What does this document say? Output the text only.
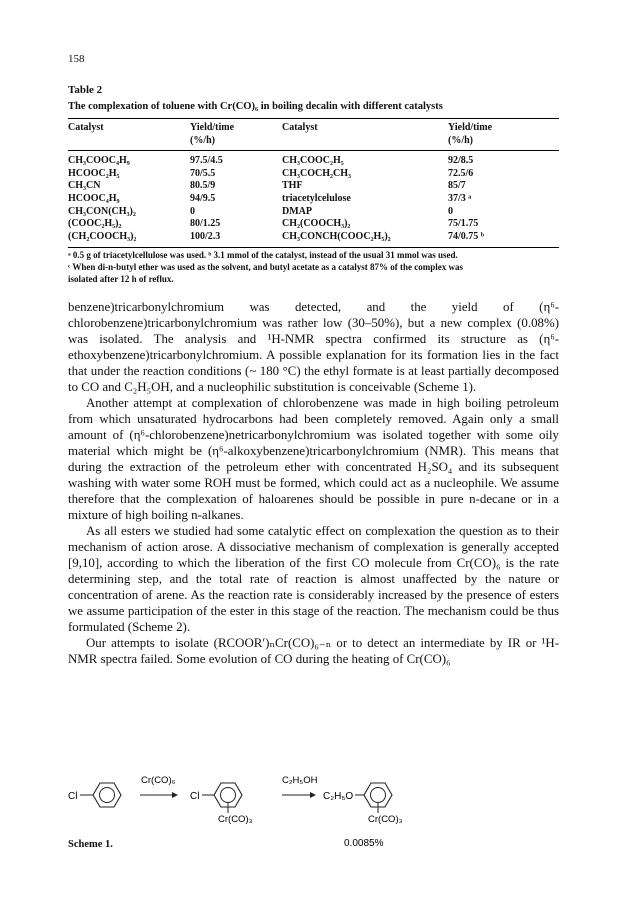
158
Table 2
The complexation of toluene with Cr(CO)₆ in boiling decalin with different catalysts
Catalyst	Yield/time	Catalyst	Yield/time
	(%/h)		(%/h)
CH₃COOC₄H₉	97.5/4.5	CH₃COOC₂H₅	92/8.5
HCOOC₂H₅	70/5.5	CH₃COCH₂CH₃	72.5/6
CH₃CN	80.5/9	THF	85/7
HCOOC₄H₉	94/9.5	triacetylcelulose	37/3 ᵃ
CH₃CON(CH₃)₂	0	DMAP	0
(COOC₂H₅)₂	80/1.25	CH₂(COOCH₃)₂	75/1.75
(CH₂COOCH₃)₂	100/2.3	CH₃CONCH(COOC₂H₅)₂	74/0.75 ᵇ
ᵃ 0.5 g of triacetylcellulose was used. ᵇ 3.1 mmol of the catalyst, instead of the usual 31 mmol was used.
ᶜ When di-n-butyl ether was used as the solvent, and butyl acetate as a catalyst 87% of the complex was
isolated after 12 h of reflux.

benzene)tricarbonylchromium was detected, and the yield of (η⁶-chlorobenzene)tricarbonylchromium was rather low (30–50%), but a new complex (0.08%) was isolated. The analysis and ¹H-NMR spectra confirmed its structure as (η⁶-ethoxybenzene)tricarbonylchromium. A possible explanation for its formation lies in the fact that under the reaction conditions (~ 180 °C) the ethyl formate is at least partially decomposed to CO and C₂H₅OH, and a nucleophilic substitution is conceivable (Scheme 1).

Another attempt at complexation of chlorobenzene was made in high boiling petroleum from which unsaturated hydrocarbons had been completely removed. Again only a small amount of (η⁶-chlorobenzene)netricarbonylchromium was isolated together with some oily material which might be (η⁶-alkoxybenzene)tricarbonylchromium (NMR). This means that during the extraction of the petroleum ether with concentrated H₂SO₄ and its subsequent washing with water some ROH must be formed, which could act as a nucleophile. We assume therefore that the complexation of haloarenes should be possible in pure n-decane or in a mixture of high boiling n-alkanes.

As all esters we studied had some catalytic effect on complexation the question as to their mechanism of action arose. A dissociative mechanism of complexation is generally accepted [9,10], according to which the liberation of the first CO molecule from Cr(CO)₆ is the rate determining step, and the total rate of reaction is almost unaffected by the nature or concentration of arene. As the reaction rate is considerably increased by the presence of esters we assume participation of the ester in this stage of the reaction. The mechanism could be thus formulated (Scheme 2).

Our attempts to isolate (RCOOR′)ₙCr(CO)₆₋ₙ or to detect an intermediate by IR or ¹H-NMR spectra failed. Some evolution of CO during the heating of Cr(CO)₆

Cl
Cr(CO)₆
Cl
Cr(CO)₃
C₂H₅OH
C₂H₅O
Cr(CO)₃
0.0085%
Scheme 1.
